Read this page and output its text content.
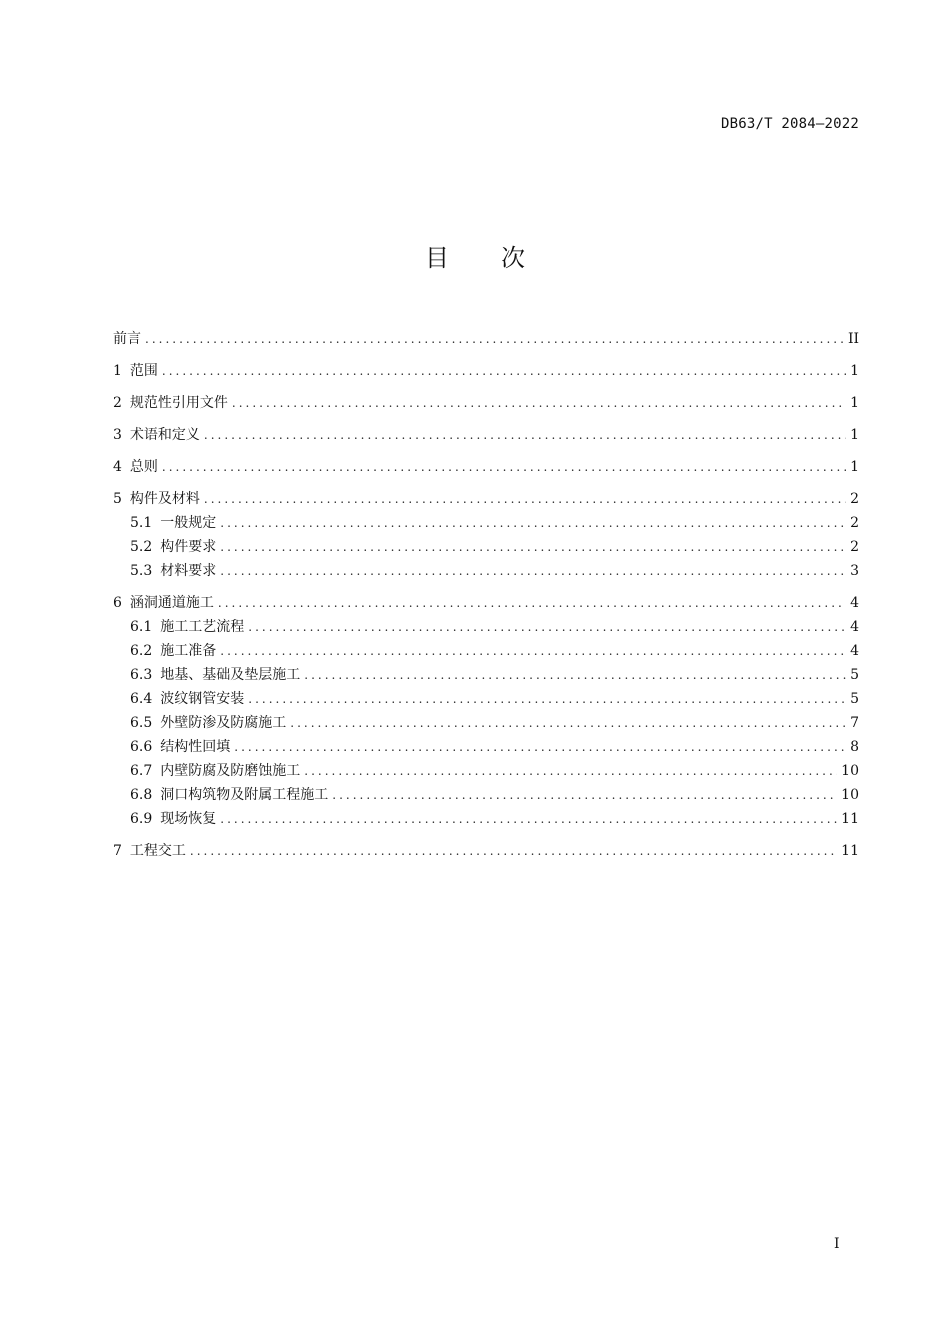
DB63/T 2084—2022
目 次
前言 .....	II
1 范围 .....	1
2 规范性引用文件 .....	1
3 术语和定义 .....	1
4 总则 .....	1
5 构件及材料 .....	2
5.1 一般规定 .....	2
5.2 构件要求 .....	2
5.3 材料要求 .....	3
6 涵洞通道施工 .....	4
6.1 施工工艺流程 .....	4
6.2 施工准备 .....	4
6.3 地基、基础及垫层施工 .....	5
6.4 波纹钢管安装 .....	5
6.5 外壁防渗及防腐施工 .....	7
6.6 结构性回填 .....	8
6.7 内壁防腐及防磨蚀施工 .....	10
6.8 洞口构筑物及附属工程施工 .....	10
6.9 现场恢复 .....	11
7 工程交工 .....	11
I
